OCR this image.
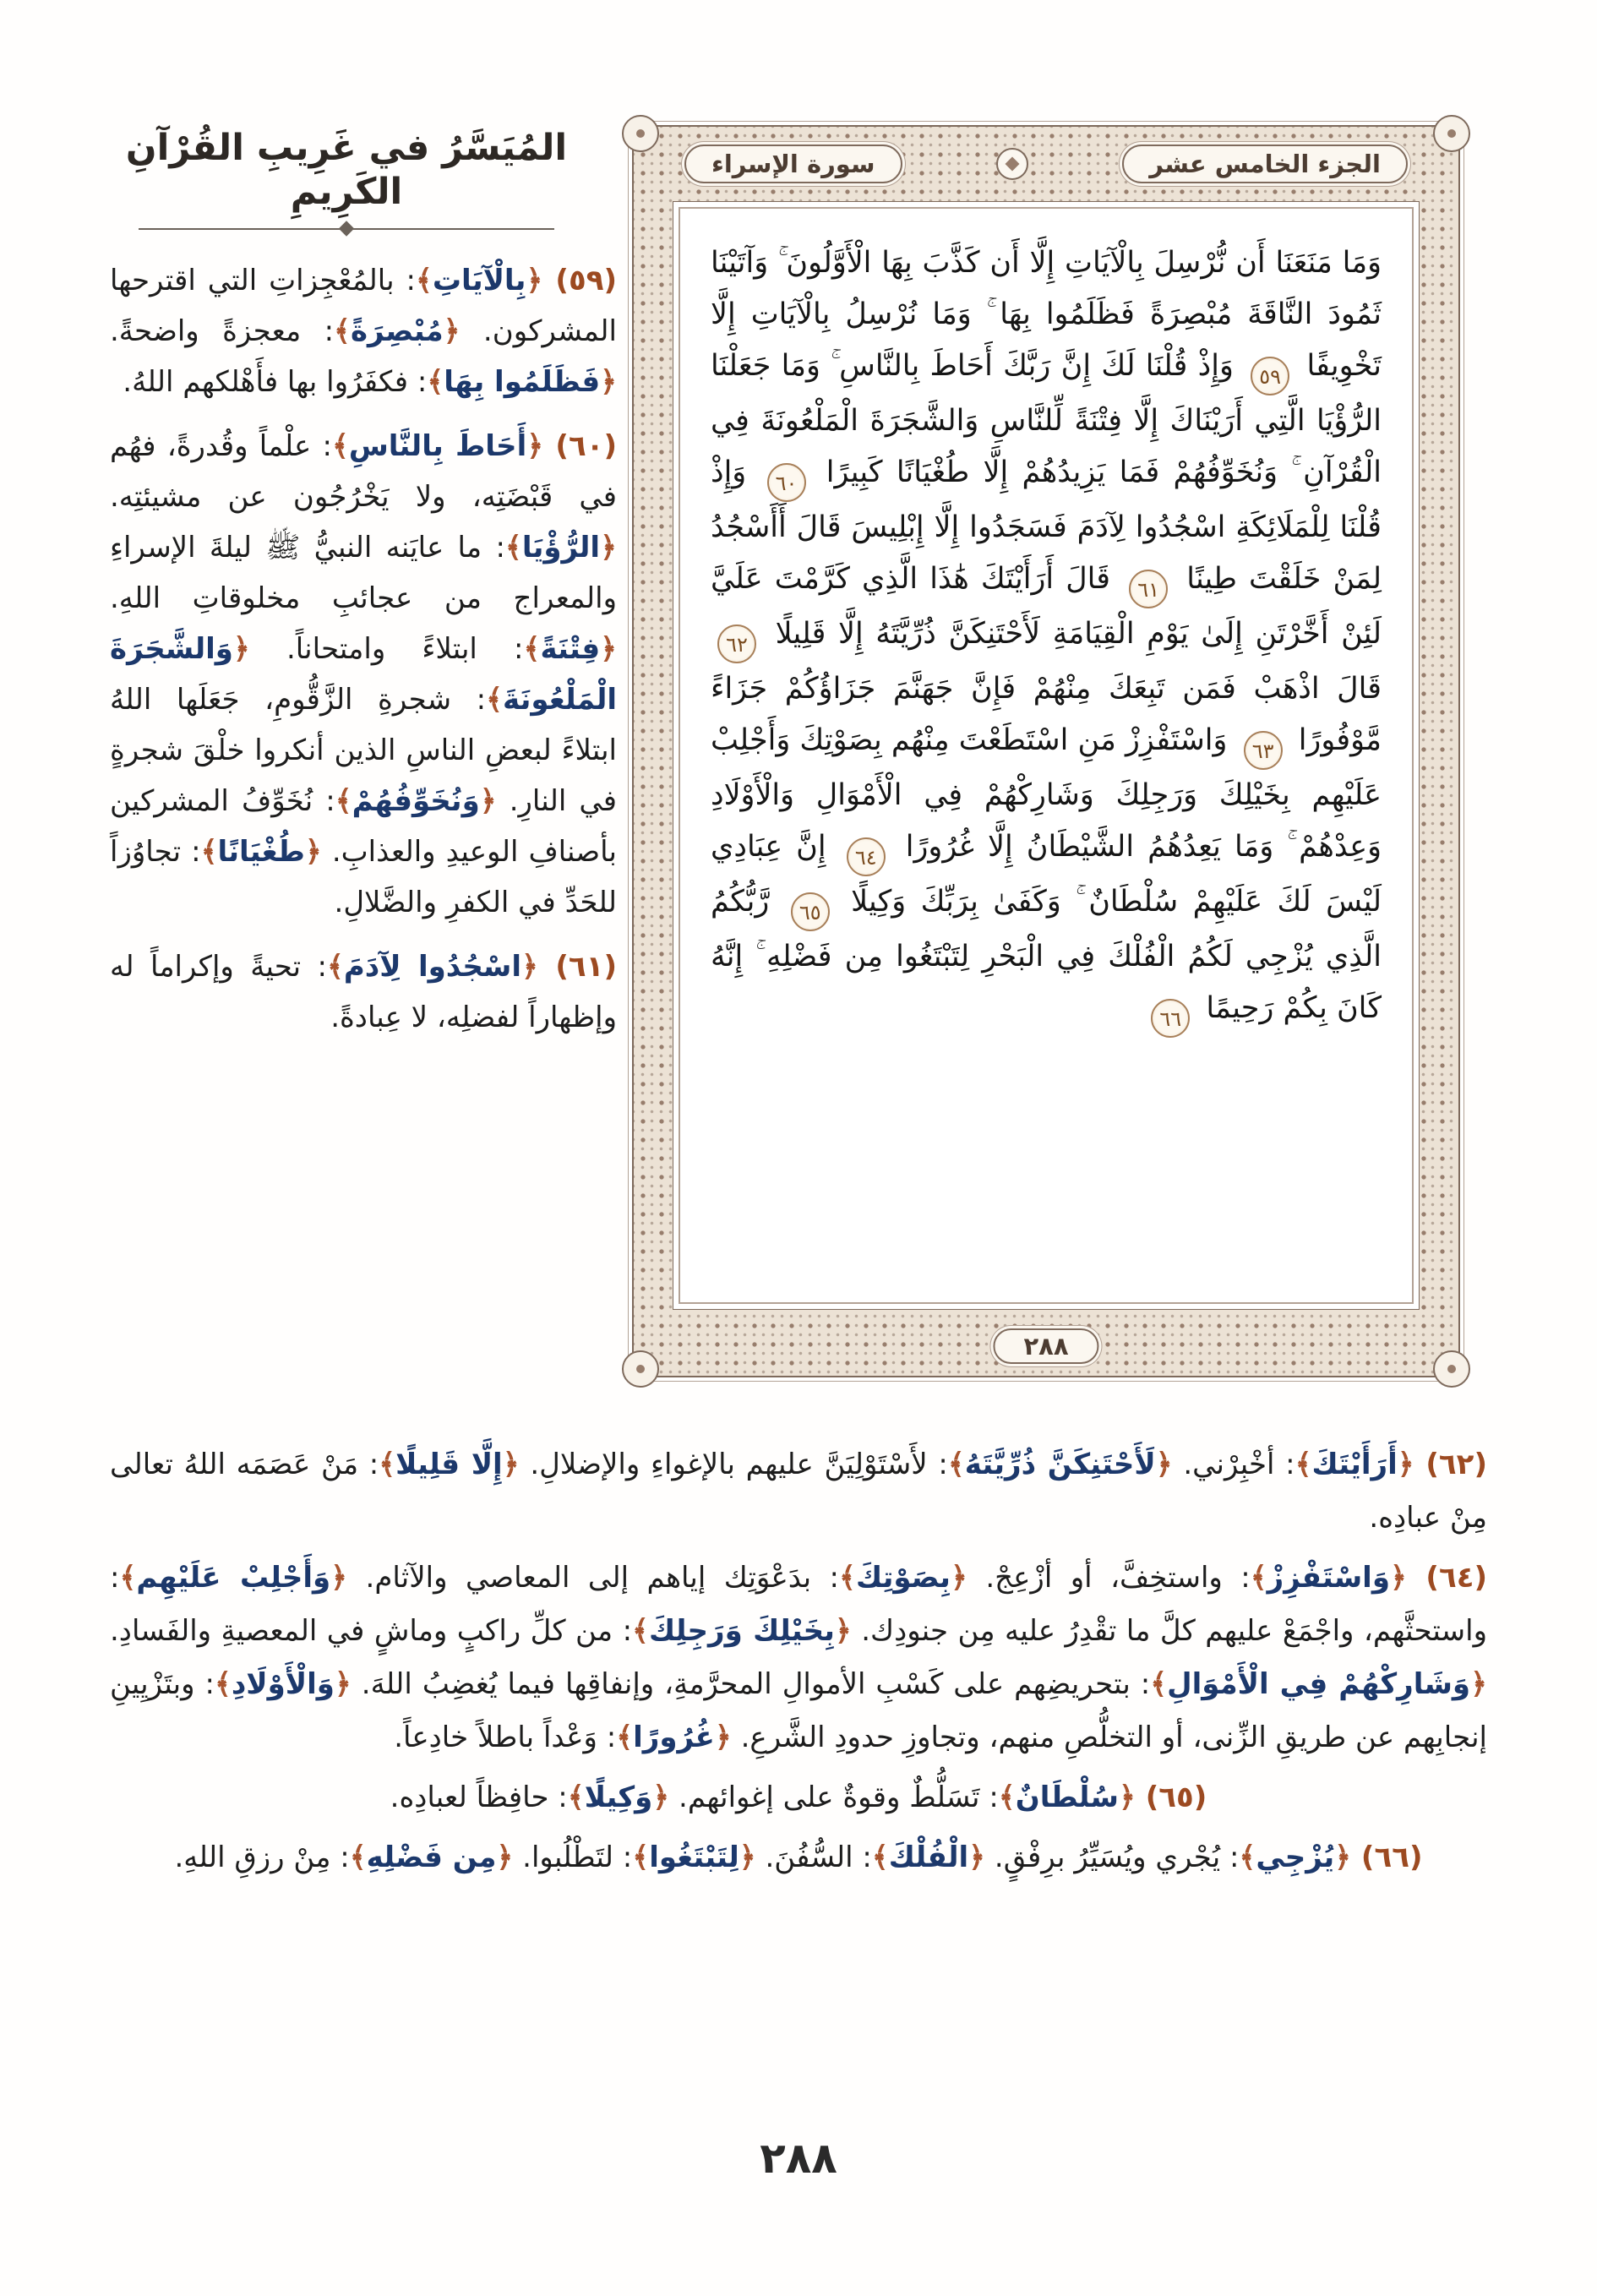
المُيَسَّرُ في غَرِيبِ القُرْآنِ الكَرِيمِ
الجزء الخامس عشر
سورة الإسراء
وَمَا مَنَعَنَا أَن نُّرْسِلَ بِالْآيَاتِ إِلَّا أَن كَذَّبَ بِهَا الْأَوَّلُونَ ۚ وَآتَيْنَا ثَمُودَ النَّاقَةَ مُبْصِرَةً فَظَلَمُوا بِهَا ۚ وَمَا نُرْسِلُ بِالْآيَاتِ إِلَّا تَخْوِيفًا ٥٩ وَإِذْ قُلْنَا لَكَ إِنَّ رَبَّكَ أَحَاطَ بِالنَّاسِ ۚ وَمَا جَعَلْنَا الرُّؤْيَا الَّتِي أَرَيْنَاكَ إِلَّا فِتْنَةً لِّلنَّاسِ وَالشَّجَرَةَ الْمَلْعُونَةَ فِي الْقُرْآنِ ۚ وَنُخَوِّفُهُمْ فَمَا يَزِيدُهُمْ إِلَّا طُغْيَانًا كَبِيرًا ٦٠ وَإِذْ قُلْنَا لِلْمَلَائِكَةِ اسْجُدُوا لِآدَمَ فَسَجَدُوا إِلَّا إِبْلِيسَ قَالَ أَأَسْجُدُ لِمَنْ خَلَقْتَ طِينًا ٦١ قَالَ أَرَأَيْتَكَ هَٰذَا الَّذِي كَرَّمْتَ عَلَيَّ لَئِنْ أَخَّرْتَنِ إِلَىٰ يَوْمِ الْقِيَامَةِ لَأَحْتَنِكَنَّ ذُرِّيَّتَهُ إِلَّا قَلِيلًا ٦٢ قَالَ اذْهَبْ فَمَن تَبِعَكَ مِنْهُمْ فَإِنَّ جَهَنَّمَ جَزَاؤُكُمْ جَزَاءً مَّوْفُورًا ٦٣ وَاسْتَفْزِزْ مَنِ اسْتَطَعْتَ مِنْهُم بِصَوْتِكَ وَأَجْلِبْ عَلَيْهِم بِخَيْلِكَ وَرَجِلِكَ وَشَارِكْهُمْ فِي الْأَمْوَالِ وَالْأَوْلَادِ وَعِدْهُمْ ۚ وَمَا يَعِدُهُمُ الشَّيْطَانُ إِلَّا غُرُورًا ٦٤ إِنَّ عِبَادِي لَيْسَ لَكَ عَلَيْهِمْ سُلْطَانٌ ۚ وَكَفَىٰ بِرَبِّكَ وَكِيلًا ٦٥ رَّبُّكُمُ الَّذِي يُزْجِي لَكُمُ الْفُلْكَ فِي الْبَحْرِ لِتَبْتَغُوا مِن فَضْلِهِ ۚ إِنَّهُ كَانَ بِكُمْ رَحِيمًا ٦٦
٢٨٨

(٥٩) ﴿بِالْآيَاتِ﴾: بالمُعْجِزاتِ التي اقترحها المشركون. ﴿مُبْصِرَةً﴾: معجزةً واضحةً. ﴿فَظَلَمُوا بِهَا﴾: فكفَرُوا بها فأَهْلكهم اللهُ.

(٦٠) ﴿أَحَاطَ بِالنَّاسِ﴾: علْماً وقُدرةً، فهُم في قَبْضَتِه، ولا يَخْرُجُون عن مشيئتِه. ﴿الرُّؤْيَا﴾: ما عايَنه النبيُّ ﷺ ليلةَ الإسراءِ والمعراج من عجائبِ مخلوقاتِ اللهِ. ﴿فِتْنَةً﴾: ابتلاءً وامتحاناً. ﴿وَالشَّجَرَةَ الْمَلْعُونَةَ﴾: شجرةِ الزَّقُّومِ، جَعَلَها اللهُ ابتلاءً لبعضِ الناسِ الذين أنكروا خلْقَ شجرةٍ في النارِ. ﴿وَنُخَوِّفُهُمْ﴾: نُخَوِّفُ المشركين بأصنافِ الوعيدِ والعذابِ. ﴿طُغْيَانًا﴾: تجاوُزاً للحَدِّ في الكفرِ والضَّلالِ.

(٦١) ﴿اسْجُدُوا لِآدَمَ﴾: تحيةً وإكراماً له وإظهاراً لفضلِه، لا عِبادةً.

(٦٢) ﴿أَرَأَيْتَكَ﴾: أخْبِرْني. ﴿لَأَحْتَنِكَنَّ ذُرِّيَّتَهُ﴾: لأَسْتَوْلِيَنَّ عليهم بالإغواءِ والإضلالِ. ﴿إِلَّا قَلِيلًا﴾: مَنْ عَصَمَه اللهُ تعالى مِنْ عبادِه.

(٦٤) ﴿وَاسْتَفْزِزْ﴾: واستخِفَّ، أو أزْعِجْ. ﴿بِصَوْتِكَ﴾: بدَعْوَتِك إياهم إلى المعاصي والآثام. ﴿وَأَجْلِبْ عَلَيْهِم﴾: واستحثَّهم، واجْمَعْ عليهم كلَّ ما تقْدِرُ عليه مِن جنودِك. ﴿بِخَيْلِكَ وَرَجِلِكَ﴾: من كلِّ راكبٍ وماشٍ في المعصيةِ والفَسادِ. ﴿وَشَارِكْهُمْ فِي الْأَمْوَالِ﴾: بتحريضِهم على كَسْبِ الأموالِ المحرَّمةِ، وإنفاقِها فيما يُغضِبُ اللهَ. ﴿وَالْأَوْلَادِ﴾: وبتَزْيِينِ إنجابِهم عن طريقِ الزِّنى، أو التخلُّصِ منهم، وتجاوزِ حدودِ الشَّرعِ. ﴿غُرُورًا﴾: وَعْداً باطلاً خادِعاً.

(٦٥) ﴿سُلْطَانٌ﴾: تَسَلُّطٌ وقوةٌ على إغوائهم. ﴿وَكِيلًا﴾: حافِظاً لعبادِه.

(٦٦) ﴿يُزْجِي﴾: يُجْري ويُسَيِّرُ برِفْقٍ. ﴿الْفُلْكَ﴾: السُّفُنَ. ﴿لِتَبْتَغُوا﴾: لتَطْلُبوا. ﴿مِن فَضْلِهِ﴾: مِنْ رزقِ اللهِ.

٢٨٨
